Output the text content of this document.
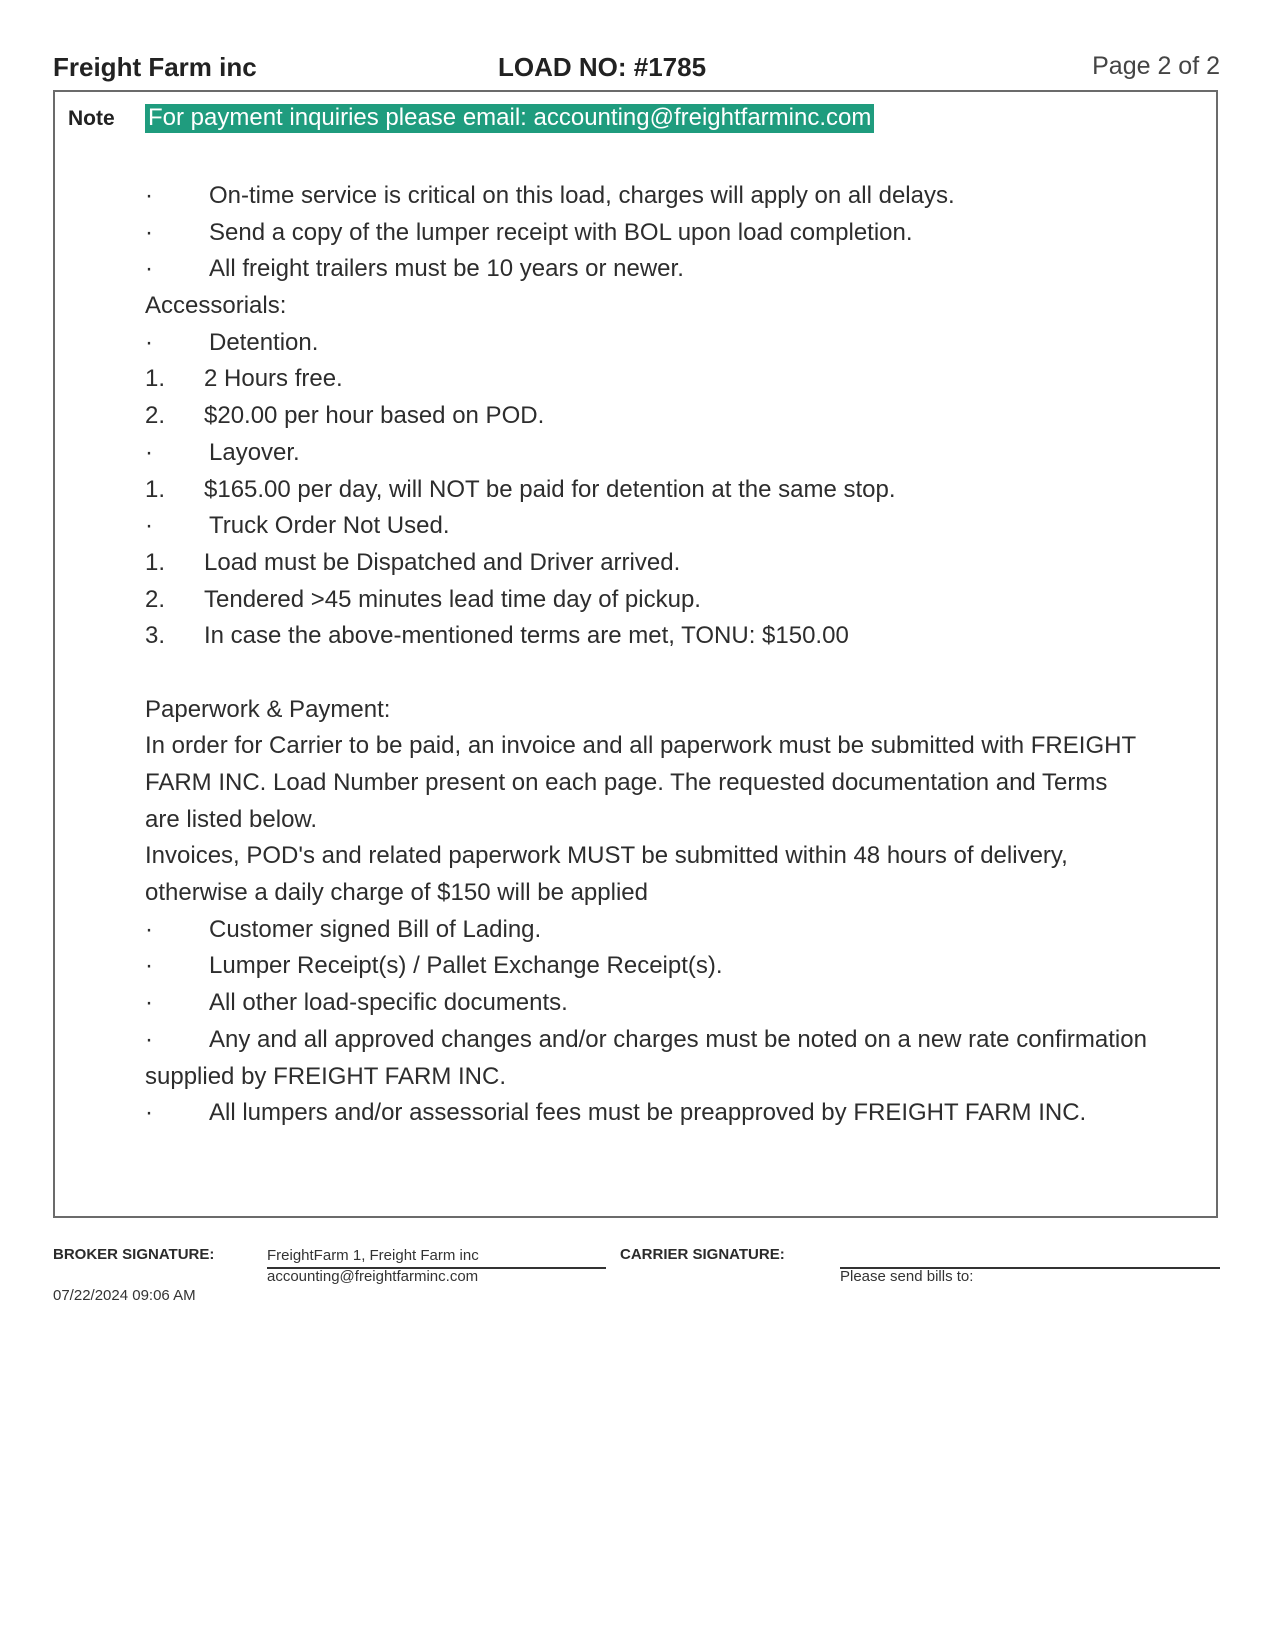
Freight Farm inc	LOAD NO: #1785	Page 2 of 2
Note For payment inquiries please email: accounting@freightfarminc.com
· On-time service is critical on this load, charges will apply on all delays.
· Send a copy of the lumper receipt with BOL upon load completion.
· All freight trailers must be 10 years or newer.
Accessorials:
· Detention.
1. 2 Hours free.
2. $20.00 per hour based on POD.
· Layover.
1. $165.00 per day, will NOT be paid for detention at the same stop.
· Truck Order Not Used.
1. Load must be Dispatched and Driver arrived.
2. Tendered >45 minutes lead time day of pickup.
3. In case the above-mentioned terms are met, TONU: $150.00
Paperwork & Payment:
In order for Carrier to be paid, an invoice and all paperwork must be submitted with FREIGHT
FARM INC. Load Number present on each page. The requested documentation and Terms
are listed below.
Invoices, POD's and related paperwork MUST be submitted within 48 hours of delivery,
otherwise a daily charge of $150 will be applied
· Customer signed Bill of Lading.
· Lumper Receipt(s) / Pallet Exchange Receipt(s).
· All other load-specific documents.
· Any and all approved changes and/or charges must be noted on a new rate confirmation
supplied by FREIGHT FARM INC.
· All lumpers and/or assessorial fees must be preapproved by FREIGHT FARM INC.
BROKER SIGNATURE:	FreightFarm 1, Freight Farm inc
accounting@freightfarminc.com
07/22/2024 09:06 AM
CARRIER SIGNATURE:
Please send bills to:
